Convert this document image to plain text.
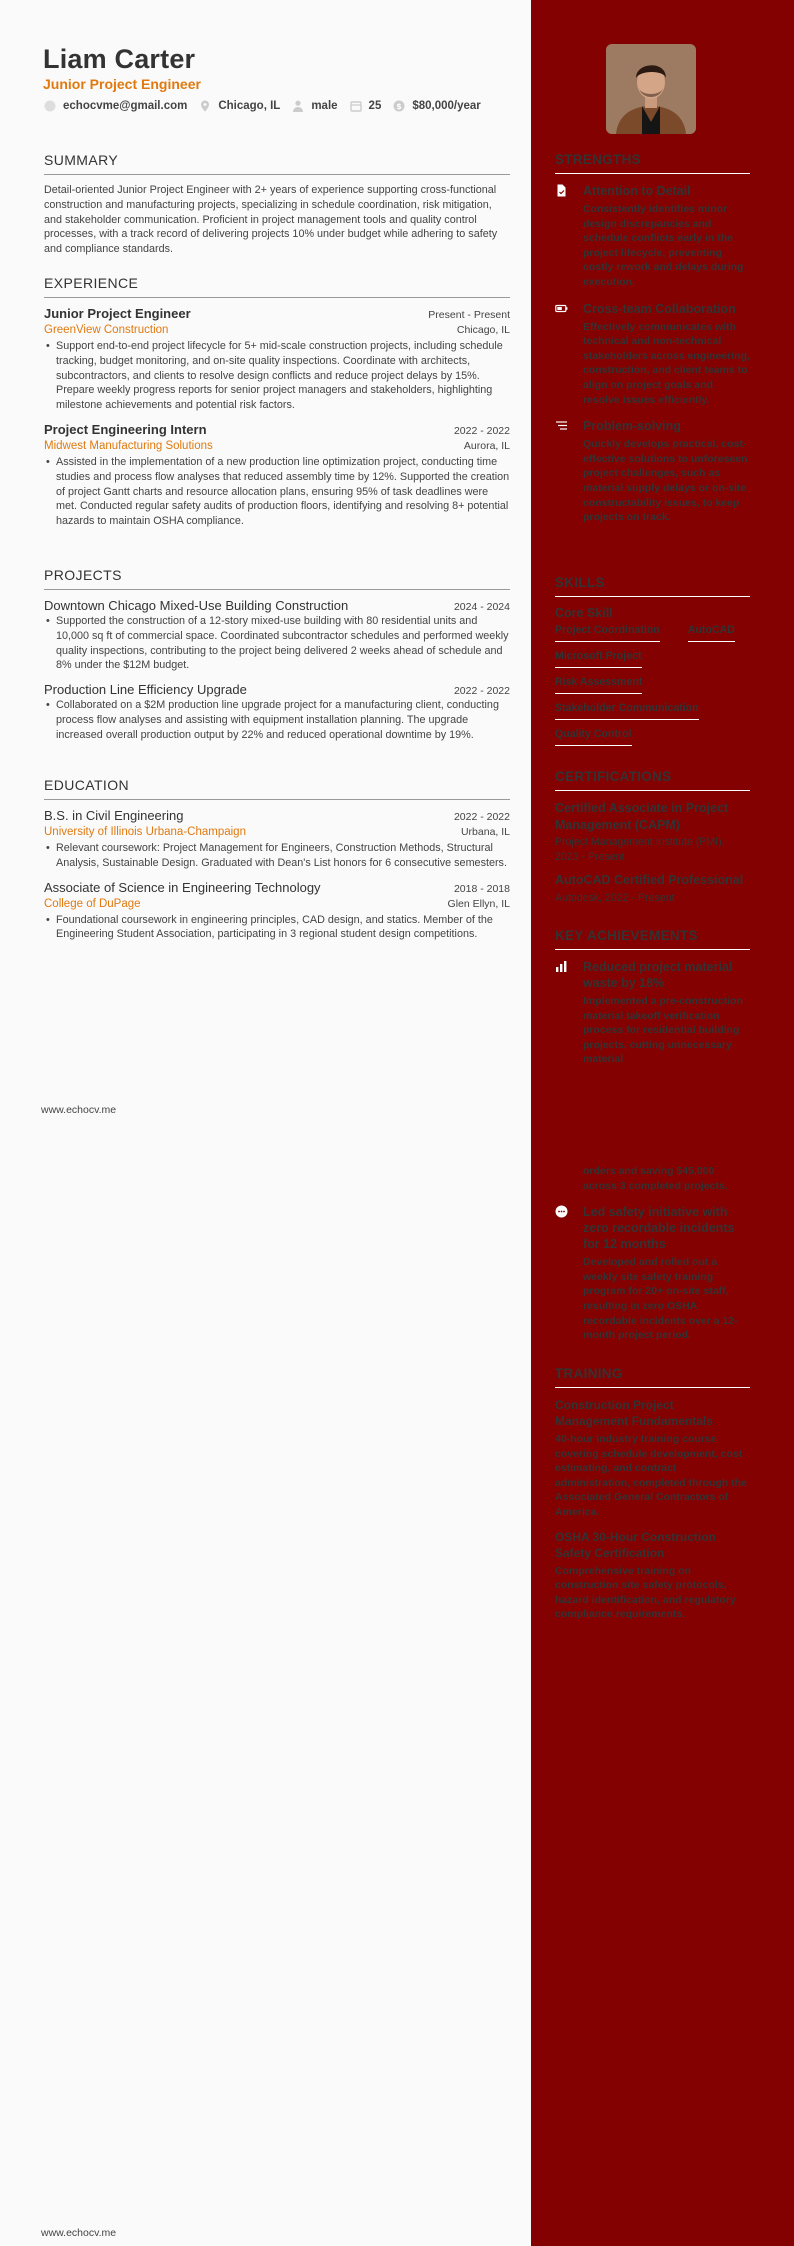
Liam Carter
Junior Project Engineer
echocvme@gmail.com	Chicago, IL	male	25 $ $80,000/year
SUMMARY
Detail-oriented Junior Project Engineer with 2+ years of experience supporting cross-functional construction and manufacturing projects, specializing in schedule coordination, risk mitigation, and stakeholder communication. Proficient in project management tools and quality control processes, with a track record of delivering projects 10% under budget while adhering to safety and compliance standards.
EXPERIENCE
Junior Project Engineer	Present - Present
GreenView Construction	Chicago, IL
• Support end-to-end project lifecycle for 5+ mid-scale construction projects, including schedule tracking, budget monitoring, and on-site quality inspections. Coordinate with architects, subcontractors, and clients to resolve design conflicts and reduce project delays by 15%. Prepare weekly progress reports for senior project managers and stakeholders, highlighting milestone achievements and potential risk factors.
Project Engineering Intern	2022 - 2022
Midwest Manufacturing Solutions	Aurora, IL
• Assisted in the implementation of a new production line optimization project, conducting time studies and process flow analyses that reduced assembly time by 12%. Supported the creation of project Gantt charts and resource allocation plans, ensuring 95% of task deadlines were met. Conducted regular safety audits of production floors, identifying and resolving 8+ potential hazards to maintain OSHA compliance.
PROJECTS
Downtown Chicago Mixed-Use Building Construction	2024 - 2024
• Supported the construction of a 12-story mixed-use building with 80 residential units and 10,000 sq ft of commercial space. Coordinated subcontractor schedules and performed weekly quality inspections, contributing to the project being delivered 2 weeks ahead of schedule and 8% under the $12M budget.
Production Line Efficiency Upgrade	2022 - 2022
• Collaborated on a $2M production line upgrade project for a manufacturing client, conducting process flow analyses and assisting with equipment installation planning. The upgrade increased overall production output by 22% and reduced operational downtime by 19%.
EDUCATION
B.S. in Civil Engineering	2022 - 2022
University of Illinois Urbana-Champaign	Urbana, IL
• Relevant coursework: Project Management for Engineers, Construction Methods, Structural Analysis, Sustainable Design. Graduated with Dean's List honors for 6 consecutive semesters.
Associate of Science in Engineering Technology	2018 - 2018
College of DuPage	Glen Ellyn, IL
• Foundational coursework in engineering principles, CAD design, and statics. Member of the Engineering Student Association, participating in 3 regional student design competitions.
www.echocv.me
www.echocv.me
STRENGTHS
Attention to Detail
Consistently identifies minor design discrepancies and schedule conflicts early in the project lifecycle, preventing costly rework and delays during execution.
Cross-team Collaboration
Effectively communicates with technical and non-technical stakeholders across engineering, construction, and client teams to align on project goals and resolve issues efficiently.
Problem-solving
Quickly develops practical, cost-effective solutions to unforeseen project challenges, such as material supply delays or on-site constructability issues, to keep projects on track.
SKILLS
Core Skill
Project Coordination	AutoCAD
Microsoft Project
Risk Assessment
Stakeholder Communication
Quality Control
CERTIFICATIONS
Certified Associate in Project Management (CAPM)
Project Management Institute (PMI), 2023 - Present
AutoCAD Certified Professional
Autodesk, 2022 - Present
KEY ACHIEVEMENTS
Reduced project material waste by 18%
Implemented a pre-construction material takeoff verification process for residential building projects, cutting unnecessary material
orders and saving $45,000 across 3 completed projects.
Led safety initiative with zero recordable incidents for 12 months
Developed and rolled out a weekly site safety training program for 20+ on-site staff, resulting in zero OSHA recordable incidents over a 12-month project period.
TRAINING
Construction Project Management Fundamentals
40-hour industry training course covering schedule development, cost estimating, and contract administration, completed through the Associated General Contractors of America.
OSHA 30-Hour Construction Safety Certification
Comprehensive training on construction site safety protocols, hazard identification, and regulatory compliance requirements.
